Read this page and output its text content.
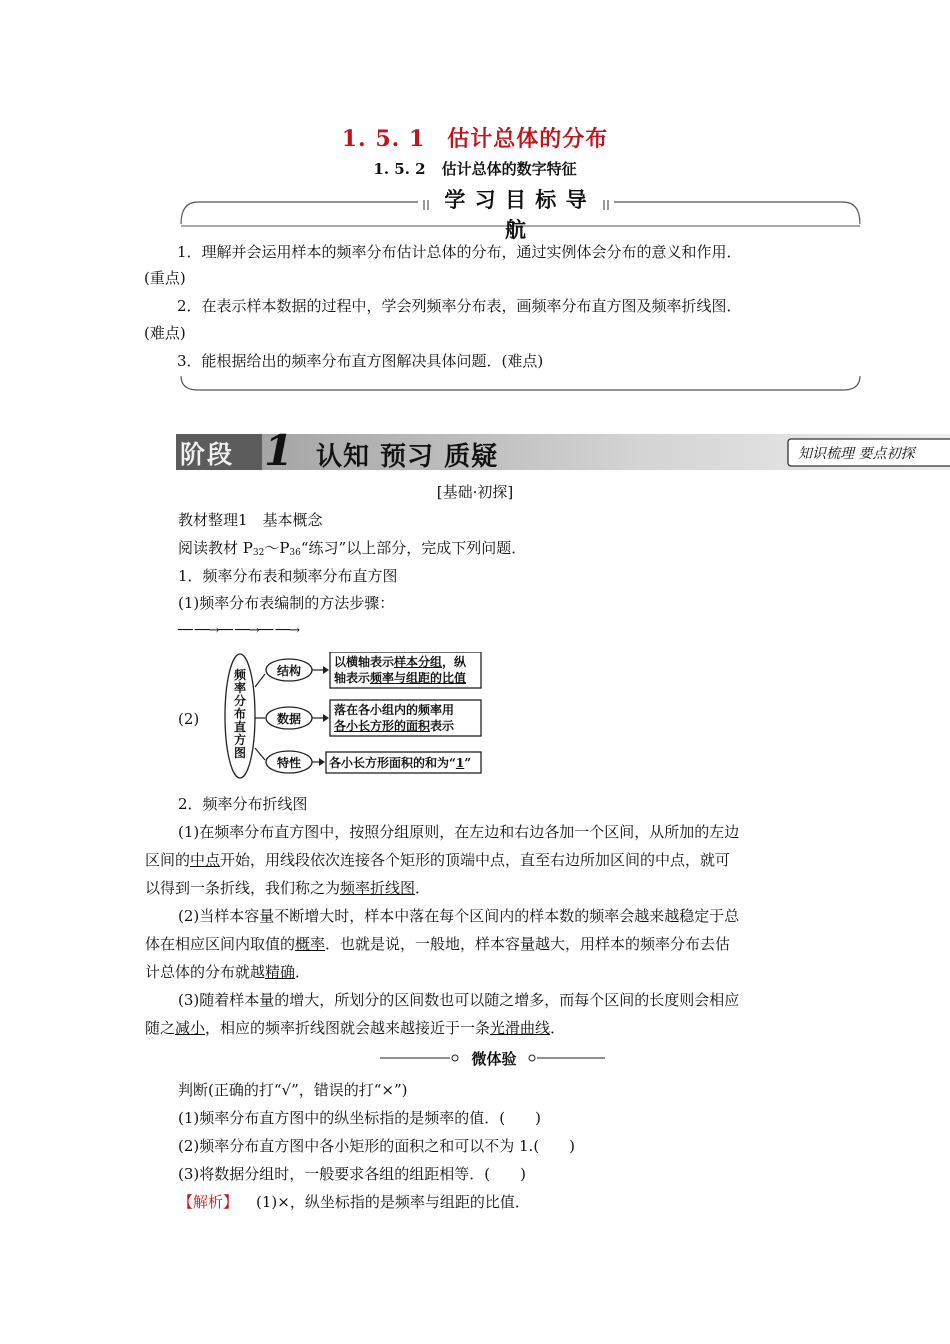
1. 5. 1 估计总体的分布
1. 5. 2 估计总体的数字特征
学 习 目 标 导 航
1．理解并会运用样本的频率分布估计总体的分布，通过实例体会分布的意义和作用．
(重点)
2．在表示样本数据的过程中，学会列频率分布表，画频率分布直方图及频率折线图．
(难点)
3．能根据给出的频率分布直方图解决具体问题．(难点)
阶段 1 认知 预习 质疑	知识梳理 要点初探
[基础·初探]
教材整理1　基本概念
阅读教材 $P_{32}\sim P_{36}“$练习”以上部分，完成下列问题．
1．频率分布表和频率分布直方图
(1)频率分布表编制的方法步骤：
── ──→── ──→── ──→
(2)
频
率
分
布
直
方
图
结构
数据
特性
以横轴表示样本分组，纵
轴表示频率与组距的比值
落在各小组内的频率用
各小长方形的面积表示
各小长方形面积的和为“1”
2．频率分布折线图
(1)在频率分布直方图中，按照分组原则，在左边和右边各加一个区间，从所加的左边
区间的中点开始，用线段依次连接各个矩形的顶端中点，直至右边所加区间的中点，就可
以得到一条折线，我们称之为频率折线图．
(2)当样本容量不断增大时，样本中落在每个区间内的样本数的频率会越来越稳定于总
体在相应区间内取值的概率．也就是说，一般地，样本容量越大，用样本的频率分布去估
计总体的分布就越精确．
(3)随着样本量的增大，所划分的区间数也可以随之增多，而每个区间的长度则会相应
随之减小，相应的频率折线图就会越来越接近于一条光滑曲线．
微体验
判断(正确的打“√”，错误的打“×”)
(1)频率分布直方图中的纵坐标指的是频率的值．(　　)
(2)频率分布直方图中各小矩形的面积之和可以不为 1.(　　)
(3)将数据分组时，一般要求各组的组距相等．(　　)
【解析】 (1)×，纵坐标指的是频率与组距的比值．
